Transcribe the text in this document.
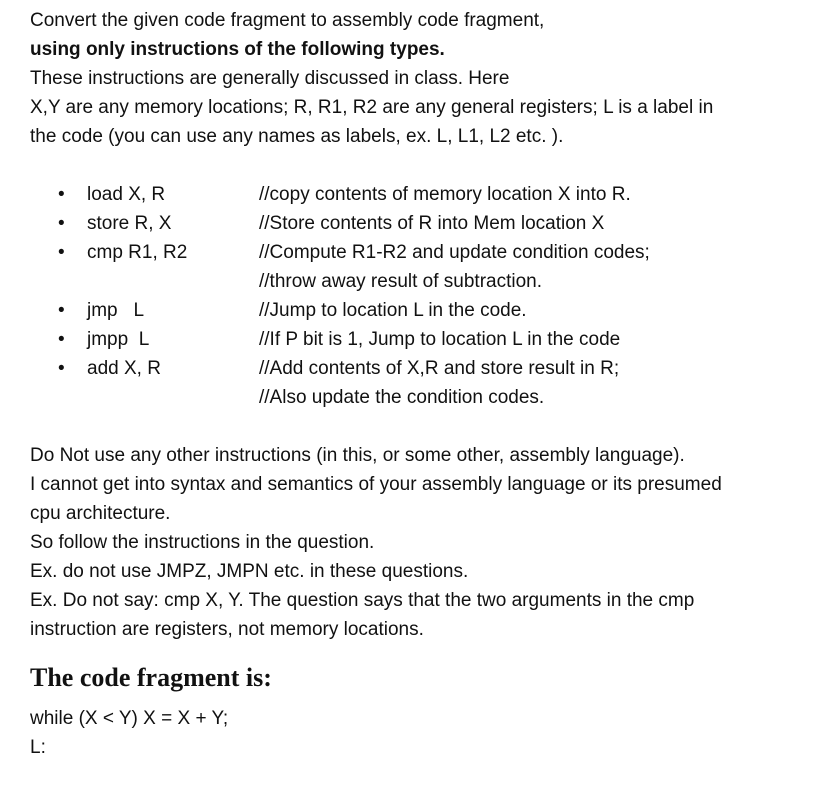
Convert the given code fragment to assembly code fragment,
using only instructions of the following types.
These instructions are generally discussed in class. Here
X,Y are any memory locations; R, R1, R2 are any general registers; L is a label in
the code (you can use any names as labels, ex. L, L1, L2 etc. ).
• load X, R	//copy contents of memory location X into R.
• store R, X	//Store contents of R into Mem location X
• cmp R1, R2	//Compute R1-R2 and update condition codes;
//throw away result of subtraction.
• jmp   L	//Jump to location L in the code.
• jmpp  L	//If P bit is 1, Jump to location L in the code
• add X, R	//Add contents of X,R and store result in R;
//Also update the condition codes.
Do Not use any other instructions (in this, or some other, assembly language).
I cannot get into syntax and semantics of your assembly language or its presumed
cpu architecture.
So follow the instructions in the question.
Ex. do not use JMPZ, JMPN etc. in these questions.
Ex. Do not say: cmp X, Y. The question says that the two arguments in the cmp
instruction are registers, not memory locations.
The code fragment is:
while (X < Y) X = X + Y;
L:
